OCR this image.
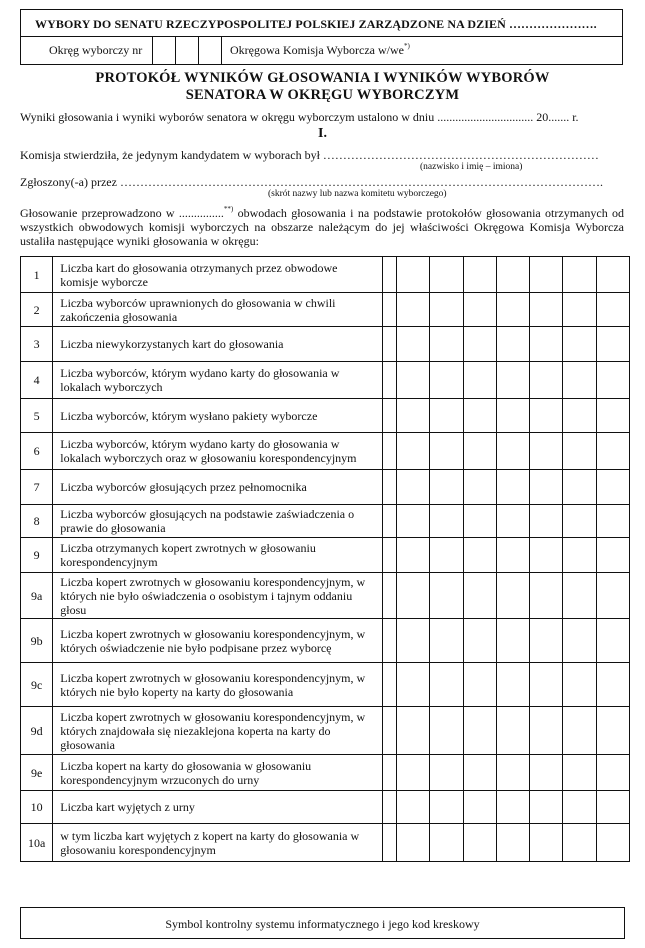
WYBORY DO SENATU RZECZYPOSPOLITEJ POLSKIEJ ZARZĄDZONE NA DZIEŃ ………………….
Okręg wyborczy nr	Okręgowa Komisja Wyborcza w/we*)
PROTOKÓŁ WYNIKÓW GŁOSOWANIA I WYNIKÓW WYBORÓW
SENATORA W OKRĘGU WYBORCZYM
Wyniki głosowania i wyniki wyborów senatora w okręgu wyborczym ustalono w dniu ................................ 20....... r.
I.
Komisja stwierdziła, że jedynym kandydatem w wyborach był ……………………………………………………………
(nazwisko i imię – imiona)
Zgłoszony(-a) przez ………………………………………………………………………………………………………….
(skrót nazwy lub nazwa komitetu wyborczego)
Głosowanie przeprowadzono w ...............**) obwodach głosowania i na podstawie protokołów głosowania otrzymanych od wszystkich obwodowych komisji wyborczych na obszarze należącym do jej właściwości Okręgowa Komisja Wyborcza ustaliła następujące wyniki głosowania w okręgu:
1	Liczba kart do głosowania otrzymanych przez obwodowe komisje wyborcze								
2	Liczba wyborców uprawnionych do głosowania w chwili zakończenia głosowania								
3	Liczba niewykorzystanych kart do głosowania								
4	Liczba wyborców, którym wydano karty do głosowania w lokalach wyborczych								
5	Liczba wyborców, którym wysłano pakiety wyborcze								
6	Liczba wyborców, którym wydano karty do głosowania w lokalach wyborczych oraz w głosowaniu korespondencyjnym								
7	Liczba wyborców głosujących przez pełnomocnika								
8	Liczba wyborców głosujących na podstawie zaświadczenia o prawie do głosowania								
9	Liczba otrzymanych kopert zwrotnych w głosowaniu korespondencyjnym								
9a	Liczba kopert zwrotnych w głosowaniu korespondencyjnym, w których nie było oświadczenia o osobistym i tajnym oddaniu głosu								
9b	Liczba kopert zwrotnych w głosowaniu korespondencyjnym, w których oświadczenie nie było podpisane przez wyborcę								
9c	Liczba kopert zwrotnych w głosowaniu korespondencyjnym, w których nie było koperty na karty do głosowania								
9d	Liczba kopert zwrotnych w głosowaniu korespondencyjnym, w których znajdowała się niezaklejona koperta na karty do głosowania								
9e	Liczba kopert na karty do głosowania w głosowaniu korespondencyjnym wrzuconych do urny								
10	Liczba kart wyjętych z urny								
10a	w tym liczba kart wyjętych z kopert na karty do głosowania w głosowaniu korespondencyjnym								
Symbol kontrolny systemu informatycznego i jego kod kreskowy
